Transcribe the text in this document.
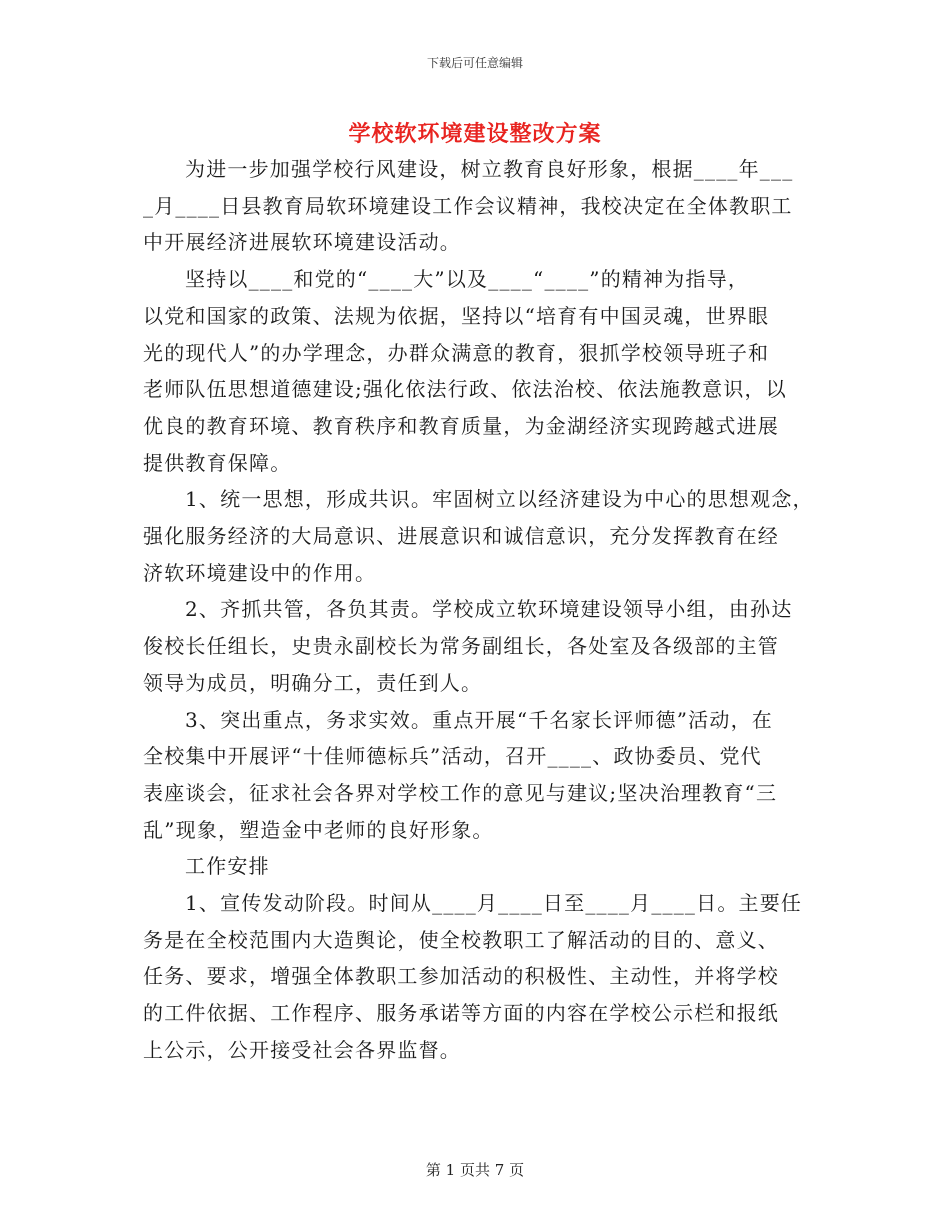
下载后可任意编辑
学校软环境建设整改方案

为进一步加强学校行风建设，树立教育良好形象，根据____年___

_月____日县教育局软环境建设工作会议精神，我校决定在全体教职工

中开展经济进展软环境建设活动。

坚持以____和党的“____大”以及____“____”的精神为指导，

以党和国家的政策、法规为依据，坚持以“培育有中国灵魂，世界眼

光的现代人”的办学理念，办群众满意的教育，狠抓学校领导班子和

老师队伍思想道德建设;强化依法行政、依法治校、依法施教意识，以

优良的教育环境、教育秩序和教育质量，为金湖经济实现跨越式进展

提供教育保障。

1、统一思想，形成共识。牢固树立以经济建设为中心的思想观念，

强化服务经济的大局意识、进展意识和诚信意识，充分发挥教育在经

济软环境建设中的作用。

2、齐抓共管，各负其责。学校成立软环境建设领导小组，由孙达

俊校长任组长，史贵永副校长为常务副组长，各处室及各级部的主管

领导为成员，明确分工，责任到人。

3、突出重点，务求实效。重点开展“千名家长评师德”活动，在

全校集中开展评“十佳师德标兵”活动，召开____、政协委员、党代

表座谈会，征求社会各界对学校工作的意见与建议;坚决治理教育“三

乱”现象，塑造金中老师的良好形象。

工作安排

1、宣传发动阶段。时间从____月____日至____月____日。主要任

务是在全校范围内大造舆论，使全校教职工了解活动的目的、意义、

任务、要求，增强全体教职工参加活动的积极性、主动性，并将学校

的工件依据、工作程序、服务承诺等方面的内容在学校公示栏和报纸

上公示，公开接受社会各界监督。

第 1 页共 7 页
